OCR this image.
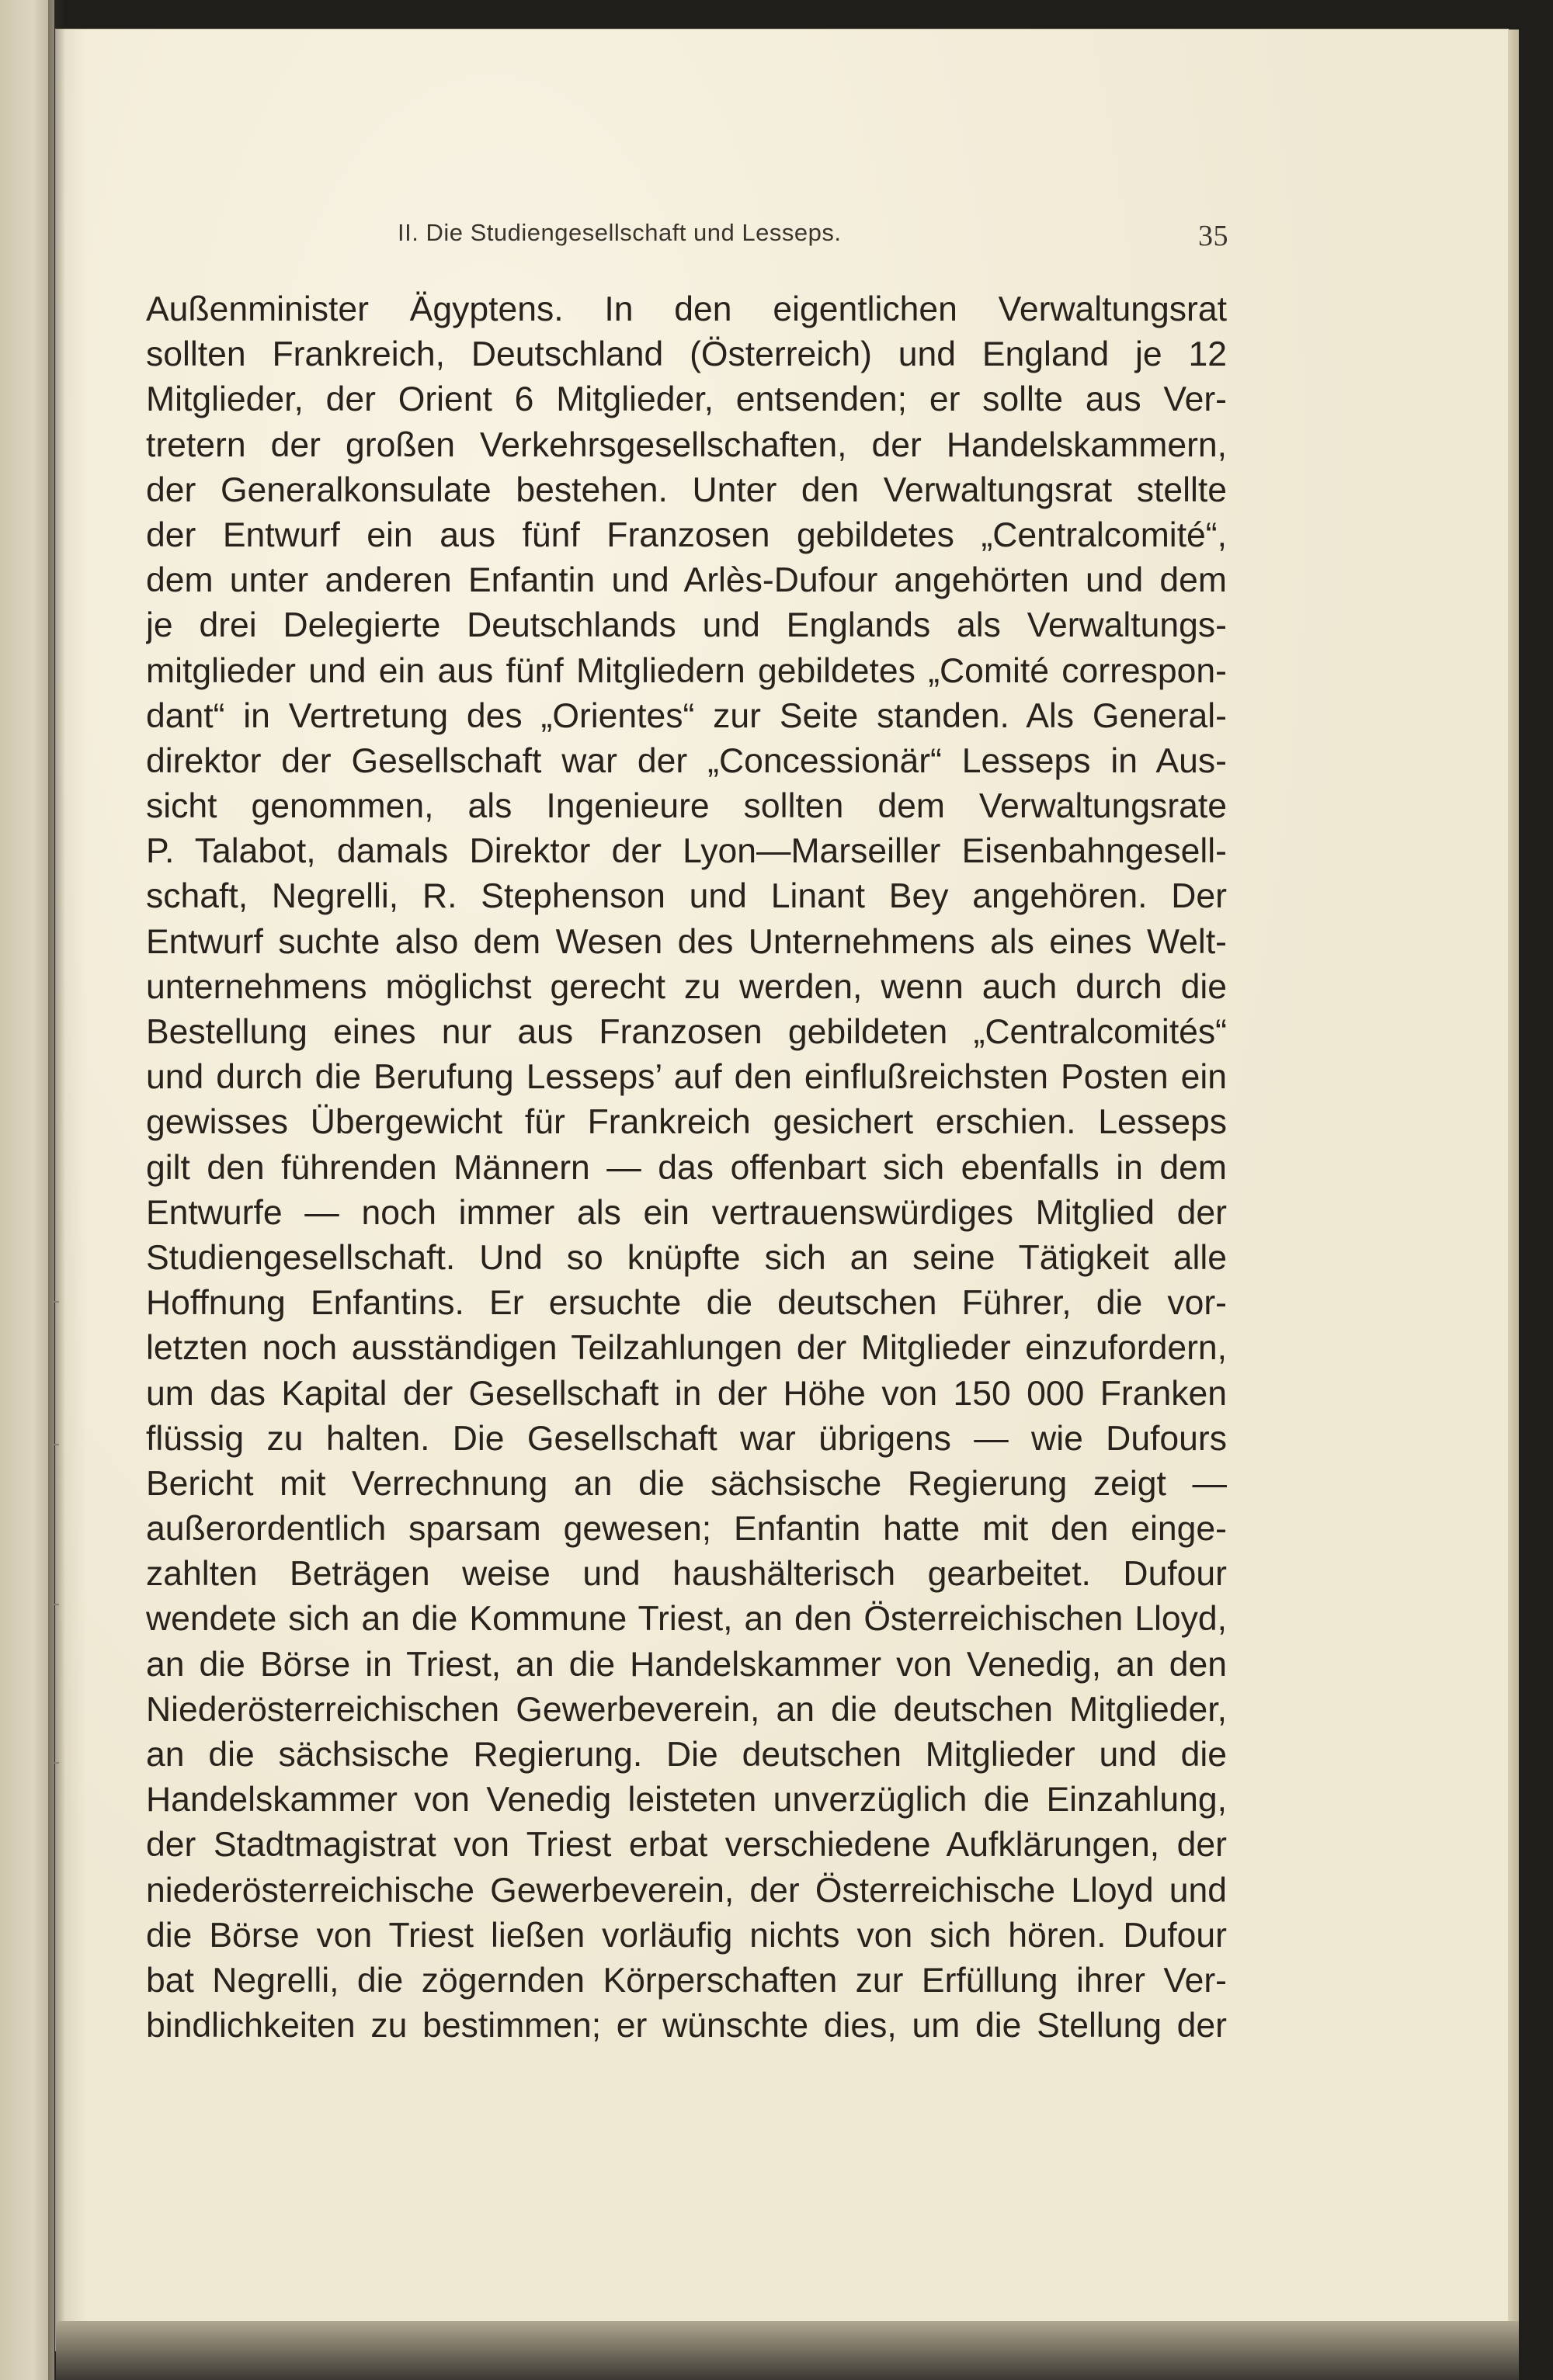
II. Die Studiengesellschaft und Lesseps.	35
Außenminister Ägyptens. In den eigentlichen Verwaltungsrat
sollten Frankreich, Deutschland (Österreich) und England je 12
Mitglieder, der Orient 6 Mitglieder, entsenden; er sollte aus Ver-
tretern der großen Verkehrsgesellschaften, der Handelskammern,
der Generalkonsulate bestehen. Unter den Verwaltungsrat stellte
der Entwurf ein aus fünf Franzosen gebildetes „Centralcomité“,
dem unter anderen Enfantin und Arlès-Dufour angehörten und dem
je drei Delegierte Deutschlands und Englands als Verwaltungs-
mitglieder und ein aus fünf Mitgliedern gebildetes „Comité correspon-
dant“ in Vertretung des „Orientes“ zur Seite standen. Als General-
direktor der Gesellschaft war der „Concessionär“ Lesseps in Aus-
sicht genommen, als Ingenieure sollten dem Verwaltungsrate
P. Talabot, damals Direktor der Lyon—Marseiller Eisenbahngesell-
schaft, Negrelli, R. Stephenson und Linant Bey angehören. Der
Entwurf suchte also dem Wesen des Unternehmens als eines Welt-
unternehmens möglichst gerecht zu werden, wenn auch durch die
Bestellung eines nur aus Franzosen gebildeten „Centralcomités“
und durch die Berufung Lesseps’ auf den einflußreichsten Posten ein
gewisses Übergewicht für Frankreich gesichert erschien. Lesseps
gilt den führenden Männern — das offenbart sich ebenfalls in dem
Entwurfe — noch immer als ein vertrauenswürdiges Mitglied der
Studiengesellschaft. Und so knüpfte sich an seine Tätigkeit alle
Hoffnung Enfantins. Er ersuchte die deutschen Führer, die vor-
letzten noch ausständigen Teilzahlungen der Mitglieder einzufordern,
um das Kapital der Gesellschaft in der Höhe von 150 000 Franken
flüssig zu halten. Die Gesellschaft war übrigens — wie Dufours
Bericht mit Verrechnung an die sächsische Regierung zeigt —
außerordentlich sparsam gewesen; Enfantin hatte mit den einge-
zahlten Beträgen weise und haushälterisch gearbeitet. Dufour
wendete sich an die Kommune Triest, an den Österreichischen Lloyd,
an die Börse in Triest, an die Handelskammer von Venedig, an den
Niederösterreichischen Gewerbeverein, an die deutschen Mitglieder,
an die sächsische Regierung. Die deutschen Mitglieder und die
Handelskammer von Venedig leisteten unverzüglich die Einzahlung,
der Stadtmagistrat von Triest erbat verschiedene Aufklärungen, der
niederösterreichische Gewerbeverein, der Österreichische Lloyd und
die Börse von Triest ließen vorläufig nichts von sich hören. Dufour
bat Negrelli, die zögernden Körperschaften zur Erfüllung ihrer Ver-
bindlichkeiten zu bestimmen; er wünschte dies, um die Stellung der
